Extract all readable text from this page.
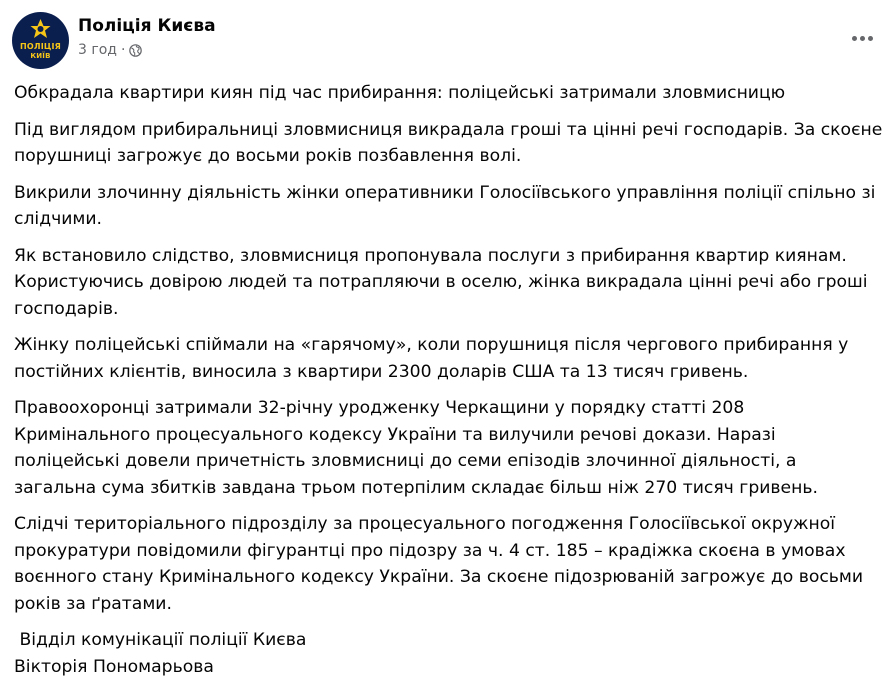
ПОЛІЦІЯ
КИЇВ
Поліція Києва
3 год ·

Обкрадала квартири киян під час прибирання: поліцейські затримали зловмисницю

Під виглядом прибиральниці зловмисниця викрадала гроші та цінні речі господарів. За скоєне порушниці загрожує до восьми років позбавлення волі.

Викрили злочинну діяльність жінки оперативники Голосіївського управління поліції спільно зі слідчими.

Як встановило слідство, зловмисниця пропонувала послуги з прибирання квартир киянам. Користуючись довірою людей та потрапляючи в оселю, жінка викрадала цінні речі або гроші господарів.

Жінку поліцейські спіймали на «гарячому», коли порушниця після чергового прибирання у постійних клієнтів, виносила з квартири 2300 доларів США та 13 тисяч гривень.

Правоохоронці затримали 32-річну уродженку Черкащини у порядку статті 208 Кримінального процесуального кодексу України та вилучили речові докази. Наразі поліцейські довели причетність зловмисниці до семи епізодів злочинної діяльності, а загальна сума збитків завдана трьом потерпілим складає більш ніж 270 тисяч гривень.

Слідчі територіального підрозділу за процесуального погодження Голосіївської окружної прокуратури повідомили фігурантці про підозру за ч. 4 ст. 185 – крадіжка скоєна в умовах воєнного стану Кримінального кодексу України. За скоєне підозрюваній загрожує до восьми років за ґратами.

Відділ комунікації поліції Києва

Вікторія Пономарьова
